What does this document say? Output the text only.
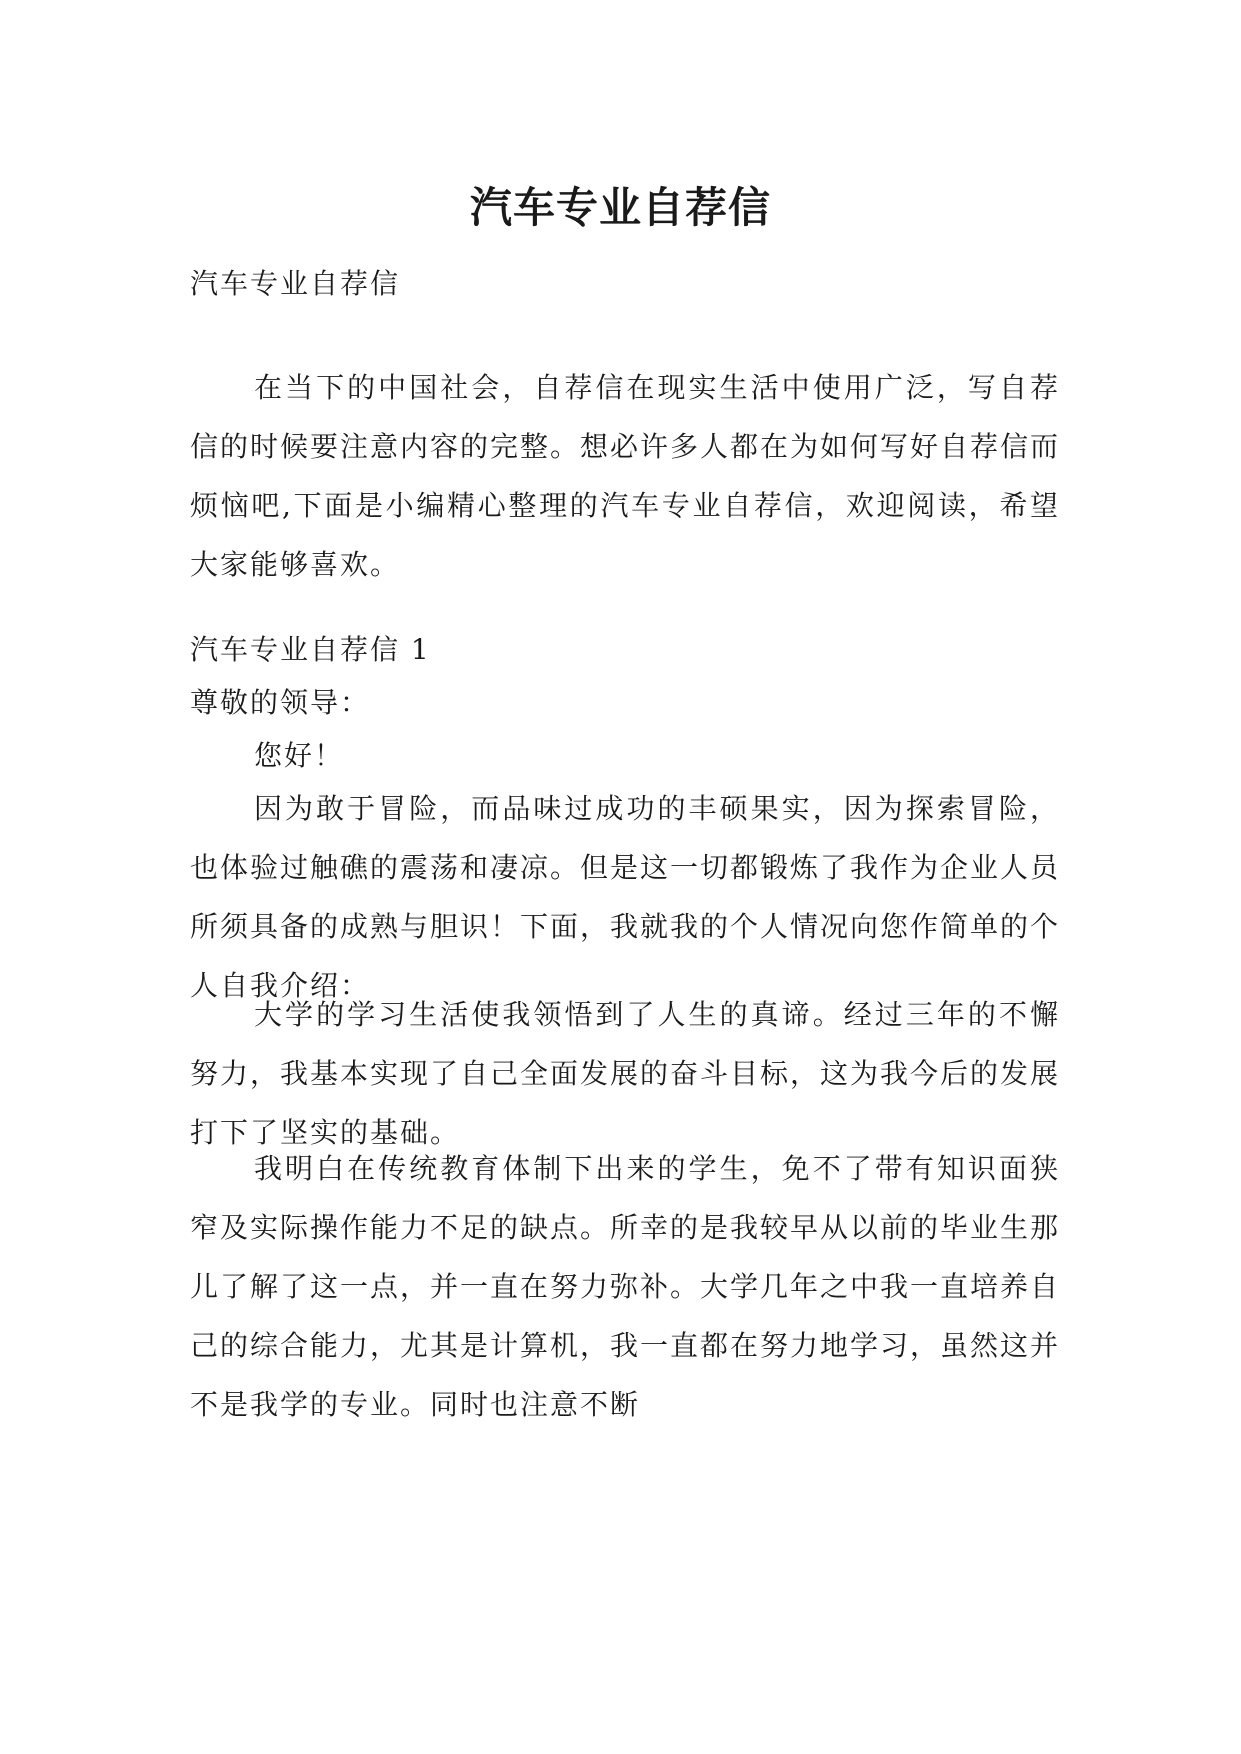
汽车专业自荐信

汽车专业自荐信

在当下的中国社会，自荐信在现实生活中使用广泛，写自荐信的时候要注意内容的完整。想必许多人都在为如何写好自荐信而烦恼吧,下面是小编精心整理的汽车专业自荐信，欢迎阅读，希望大家能够喜欢。

汽车专业自荐信 1

尊敬的领导：

您好！

因为敢于冒险，而品味过成功的丰硕果实，因为探索冒险，也体验过触礁的震荡和凄凉。但是这一切都锻炼了我作为企业人员所须具备的成熟与胆识！下面，我就我的个人情况向您作简单的个人自我介绍：

大学的学习生活使我领悟到了人生的真谛。经过三年的不懈努力，我基本实现了自己全面发展的奋斗目标，这为我今后的发展打下了坚实的基础。

我明白在传统教育体制下出来的学生，免不了带有知识面狭窄及实际操作能力不足的缺点。所幸的是我较早从以前的毕业生那儿了解了这一点，并一直在努力弥补。大学几年之中我一直培养自己的综合能力，尤其是计算机，我一直都在努力地学习，虽然这并不是我学的专业。同时也注意不断
